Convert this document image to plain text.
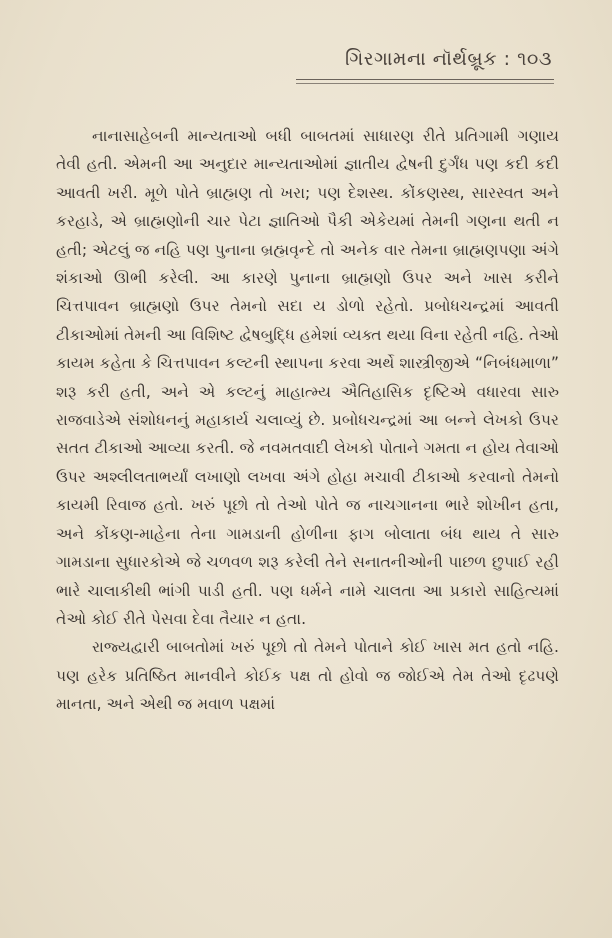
ગિરગામના નૉર્થબ્રૂક : ૧૦૩

નાનાસાહેબની માન્યતાઓ બધી બાબતમાં સાધારણ રીતે પ્રતિગામી ગણાય તેવી હતી. એમની આ અનુદાર માન્યતાઓમાં જ્ઞાતીય દ્વેષની દુર્ગંધ પણ કદી કદી આવતી ખરી. મૂળે પોતે બ્રાહ્મણ તો ખરા; પણ દેશસ્થ. કોંકણસ્થ, સારસ્વત અને કરહાડે, એ બ્રાહ્મણોની ચાર પેટા જ્ઞાતિઓ પૈકી એકેયમાં તેમની ગણના થતી ન હતી; એટલું જ નહિ પણ પુનાના બ્રહ્મવૃન્દે તો અનેક વાર તેમના બ્રાહ્મણપણા અંગે શંકાઓ ઊભી કરેલી. આ કારણે પુનાના બ્રાહ્મણો ઉપર અને ખાસ કરીને ચિત્તપાવન બ્રાહ્મણો ઉપર તેમનો સદા ય ડોળો રહેતો. પ્રબોધચન્દ્રમાં આવતી ટીકાઓમાં તેમની આ વિશિષ્ટ દ્વેષબુદ્ધિ હમેશાં વ્યક્ત થયા વિના રહેતી નહિ. તેઓ કાયમ કહેતા કે ચિત્તપાવન કલ્ટની સ્થાપના કરવા અર્થે શાસ્ત્રીજીએ “નિબંધમાળા” શરૂ કરી હતી, અને એ કલ્ટનું માહાત્મ્ય ઐતિહાસિક દૃષ્ટિએ વધારવા સારુ રાજવાડેએ સંશોધનનું મહાકાર્ય ચલાવ્યું છે. પ્રબોધચન્દ્રમાં આ બન્ને લેખકો ઉપર સતત ટીકાઓ આવ્યા કરતી. જે નવમતવાદી લેખકો પોતાને ગમતા ન હોય તેવાઓ ઉપર અશ્લીલતાભર્યાં લખાણો લખવા અંગે હોહા મચાવી ટીકાઓ કરવાનો તેમનો કાયમી રિવાજ હતો. ખરું પૂછો તો તેઓ પોતે જ નાચગાનના ભારે શોખીન હતા, અને કોંકણ-માહેના તેના ગામડાની હોળીના ફાગ બોલાતા બંધ થાય તે સારુ ગામડાના સુધારકોએ જે ચળવળ શરૂ કરેલી તેને સનાતનીઓની પાછળ છુપાઈ રહી ભારે ચાલાકીથી ભાંગી પાડી હતી. પણ ધર્મને નામે ચાલતા આ પ્રકારો સાહિત્યમાં તેઓ કોઈ રીતે પેસવા દેવા તૈયાર ન હતા.

રાજ્યદ્વારી બાબતોમાં ખરું પૂછો તો તેમને પોતાને કોઈ ખાસ મત હતો નહિ. પણ હરેક પ્રતિષ્ઠિત માનવીને કોઈક પક્ષ તો હોવો જ જોઈએ તેમ તેઓ દૃઢપણે માનતા, અને એથી જ મવાળ પક્ષમાં
